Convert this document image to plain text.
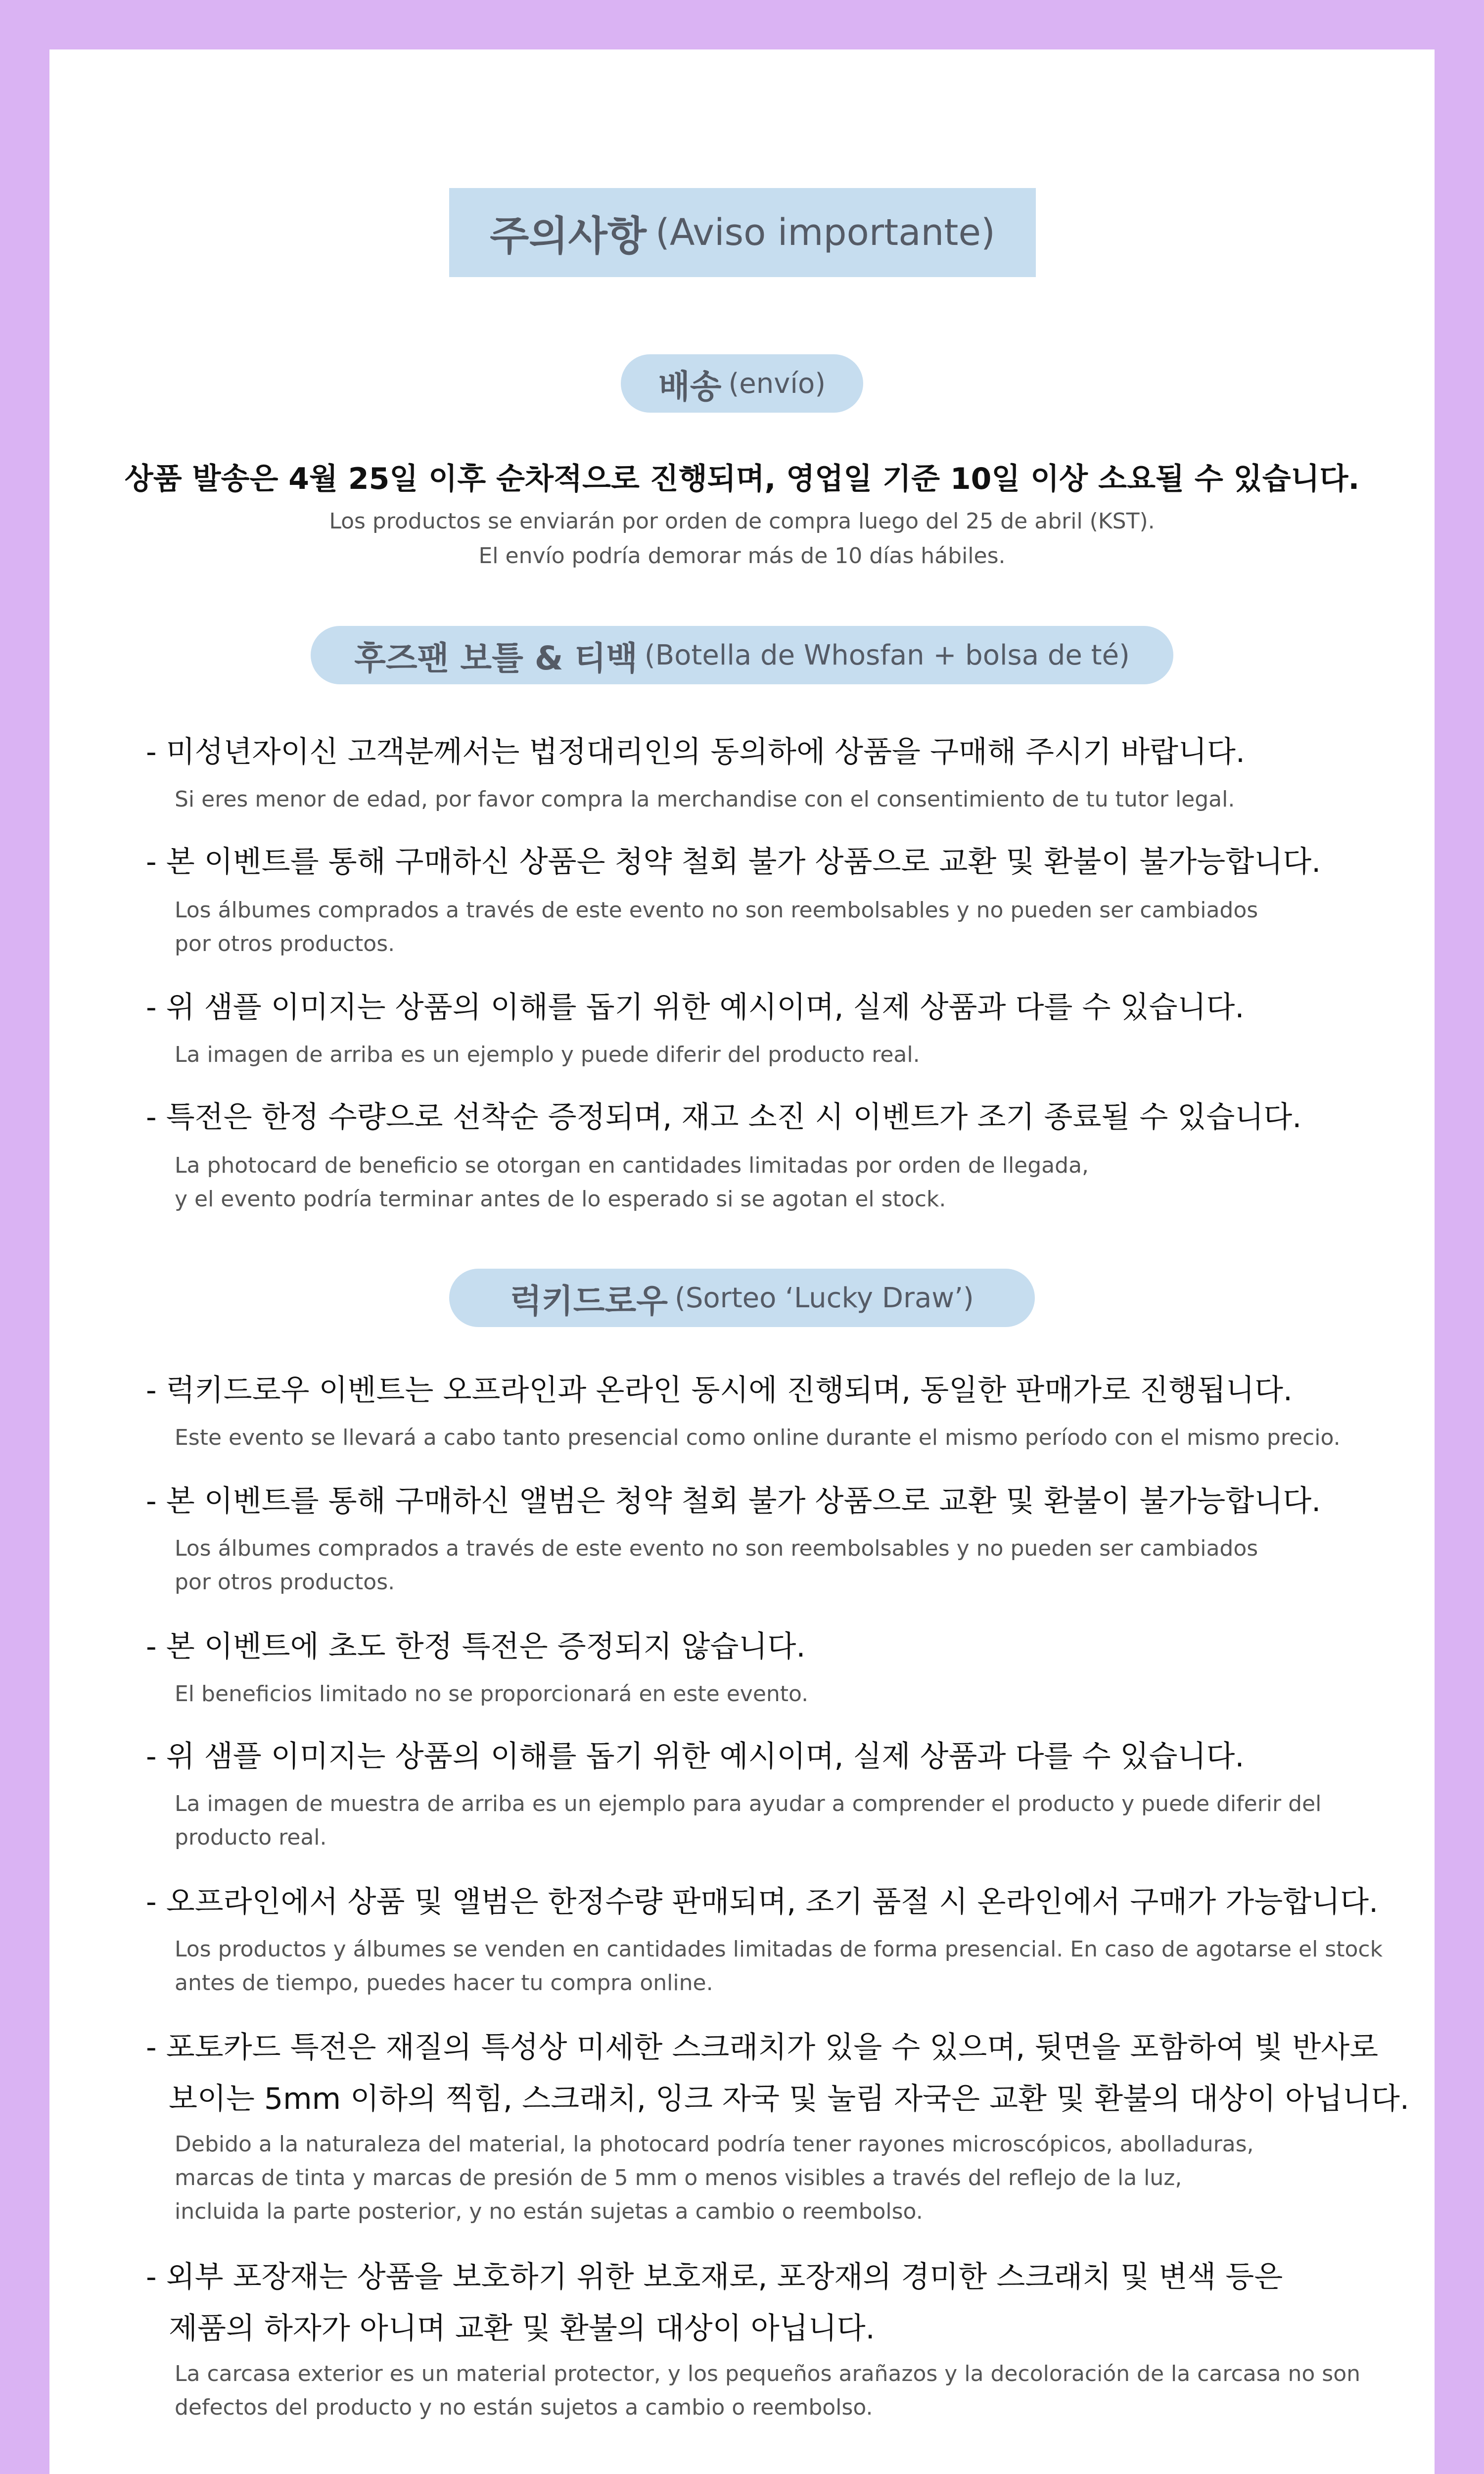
주의사항 (Aviso importante)
배송 (envío)
상품 발송은 4월 25일 이후 순차적으로 진행되며, 영업일 기준 10일 이상 소요될 수 있습니다.
Los productos se enviarán por orden de compra luego del 25 de abril (KST).
El envío podría demorar más de 10 días hábiles.
후즈팬 보틀 & 티백 (Botella de Whosfan + bolsa de té)
- 미성년자이신 고객분께서는 법정대리인의 동의하에 상품을 구매해 주시기 바랍니다.
Si eres menor de edad, por favor compra la merchandise con el consentimiento de tu tutor legal.
- 본 이벤트를 통해 구매하신 상품은 청약 철회 불가 상품으로 교환 및 환불이 불가능합니다.
Los álbumes comprados a través de este evento no son reembolsables y no pueden ser cambiados
por otros productos.
- 위 샘플 이미지는 상품의 이해를 돕기 위한 예시이며, 실제 상품과 다를 수 있습니다.
La imagen de arriba es un ejemplo y puede diferir del producto real.
- 특전은 한정 수량으로 선착순 증정되며, 재고 소진 시 이벤트가 조기 종료될 수 있습니다.
La photocard de beneficio se otorgan en cantidades limitadas por orden de llegada,
y el evento podría terminar antes de lo esperado si se agotan el stock.
럭키드로우 (Sorteo ‘Lucky Draw’)
- 럭키드로우 이벤트는 오프라인과 온라인 동시에 진행되며, 동일한 판매가로 진행됩니다.
Este evento se llevará a cabo tanto presencial como online durante el mismo período con el mismo precio.
- 본 이벤트를 통해 구매하신 앨범은 청약 철회 불가 상품으로 교환 및 환불이 불가능합니다.
Los álbumes comprados a través de este evento no son reembolsables y no pueden ser cambiados
por otros productos.
- 본 이벤트에 초도 한정 특전은 증정되지 않습니다.
El beneficios limitado no se proporcionará en este evento.
- 위 샘플 이미지는 상품의 이해를 돕기 위한 예시이며, 실제 상품과 다를 수 있습니다.
La imagen de muestra de arriba es un ejemplo para ayudar a comprender el producto y puede diferir del
producto real.
- 오프라인에서 상품 및 앨범은 한정수량 판매되며, 조기 품절 시 온라인에서 구매가 가능합니다.
Los productos y álbumes se venden en cantidades limitadas de forma presencial. En caso de agotarse el stock
antes de tiempo, puedes hacer tu compra online.
- 포토카드 특전은 재질의 특성상 미세한 스크래치가 있을 수 있으며, 뒷면을 포함하여 빛 반사로
보이는 5mm 이하의 찍힘, 스크래치, 잉크 자국 및 눌림 자국은 교환 및 환불의 대상이 아닙니다.
Debido a la naturaleza del material, la photocard podría tener rayones microscópicos, abolladuras,
marcas de tinta y marcas de presión de 5 mm o menos visibles a través del reflejo de la luz,
incluida la parte posterior, y no están sujetas a cambio o reembolso.
- 외부 포장재는 상품을 보호하기 위한 보호재로, 포장재의 경미한 스크래치 및 변색 등은
제품의 하자가 아니며 교환 및 환불의 대상이 아닙니다.
La carcasa exterior es un material protector, y los pequeños arañazos y la decoloración de la carcasa no son
defectos del producto y no están sujetos a cambio o reembolso.
